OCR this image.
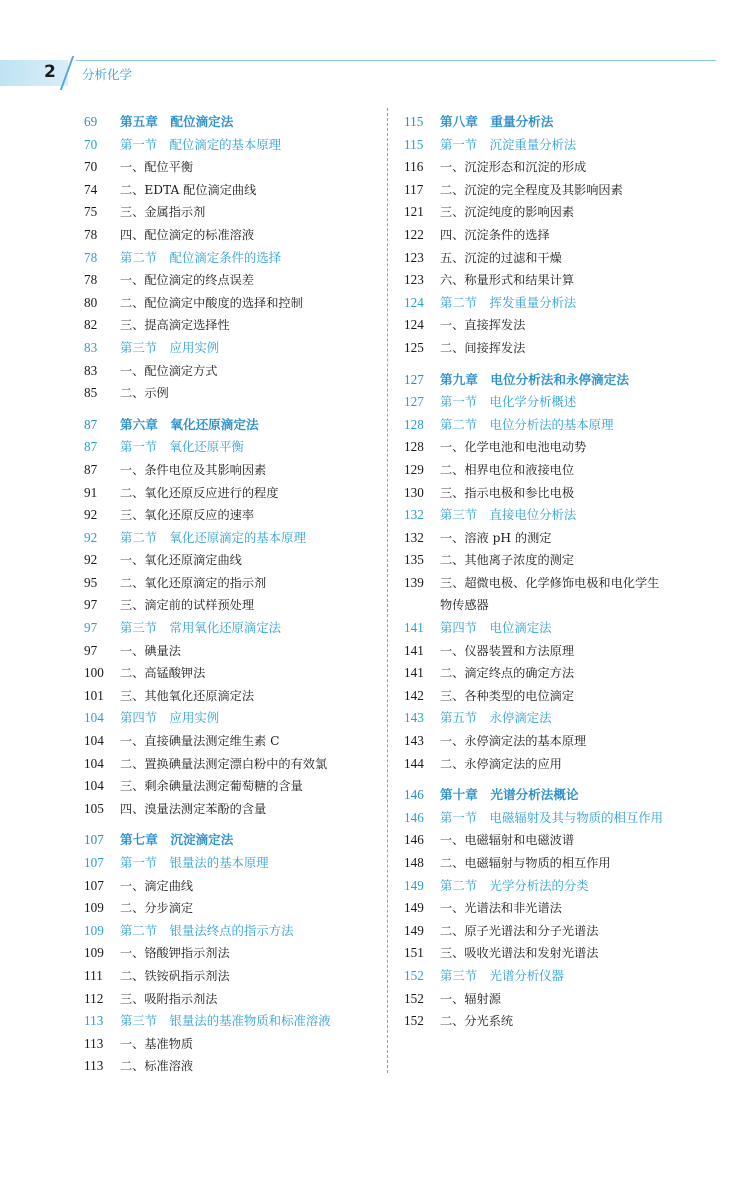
2 分析化学
69	第五章　配位滴定法
70	第一节　配位滴定的基本原理
70	一、配位平衡
74	二、EDTA 配位滴定曲线
75	三、金属指示剂
78	四、配位滴定的标准溶液
78	第二节　配位滴定条件的选择
78	一、配位滴定的终点误差
80	二、配位滴定中酸度的选择和控制
82	三、提高滴定选择性
83	第三节　应用实例
83	一、配位滴定方式
85	二、示例
87	第六章　氧化还原滴定法
87	第一节　氧化还原平衡
87	一、条件电位及其影响因素
91	二、氧化还原反应进行的程度
92	三、氧化还原反应的速率
92	第二节　氧化还原滴定的基本原理
92	一、氧化还原滴定曲线
95	二、氧化还原滴定的指示剂
97	三、滴定前的试样预处理
97	第三节　常用氧化还原滴定法
97	一、碘量法
100	二、高锰酸钾法
101	三、其他氧化还原滴定法
104	第四节　应用实例
104	一、直接碘量法测定维生素 C
104	二、置换碘量法测定漂白粉中的有效氯
104	三、剩余碘量法测定葡萄糖的含量
105	四、溴量法测定苯酚的含量
107	第七章　沉淀滴定法
107	第一节　银量法的基本原理
107	一、滴定曲线
109	二、分步滴定
109	第二节　银量法终点的指示方法
109	一、铬酸钾指示剂法
111	二、铁铵矾指示剂法
112	三、吸附指示剂法
113	第三节　银量法的基准物质和标准溶液
113	一、基准物质
113	二、标准溶液
115	第八章　重量分析法
115	第一节　沉淀重量分析法
116	一、沉淀形态和沉淀的形成
117	二、沉淀的完全程度及其影响因素
121	三、沉淀纯度的影响因素
122	四、沉淀条件的选择
123	五、沉淀的过滤和干燥
123	六、称量形式和结果计算
124	第二节　挥发重量分析法
124	一、直接挥发法
125	二、间接挥发法
127	第九章　电位分析法和永停滴定法
127	第一节　电化学分析概述
128	第二节　电位分析法的基本原理
128	一、化学电池和电池电动势
129	二、相界电位和液接电位
130	三、指示电极和参比电极
132	第三节　直接电位分析法
132	一、溶液 pH 的测定
135	二、其他离子浓度的测定
139	三、超微电极、化学修饰电极和电化学生
物传感器
141	第四节　电位滴定法
141	一、仪器装置和方法原理
141	二、滴定终点的确定方法
142	三、各种类型的电位滴定
143	第五节　永停滴定法
143	一、永停滴定法的基本原理
144	二、永停滴定法的应用
146	第十章　光谱分析法概论
146	第一节　电磁辐射及其与物质的相互作用
146	一、电磁辐射和电磁波谱
148	二、电磁辐射与物质的相互作用
149	第二节　光学分析法的分类
149	一、光谱法和非光谱法
149	二、原子光谱法和分子光谱法
151	三、吸收光谱法和发射光谱法
152	第三节　光谱分析仪器
152	一、辐射源
152	二、分光系统
